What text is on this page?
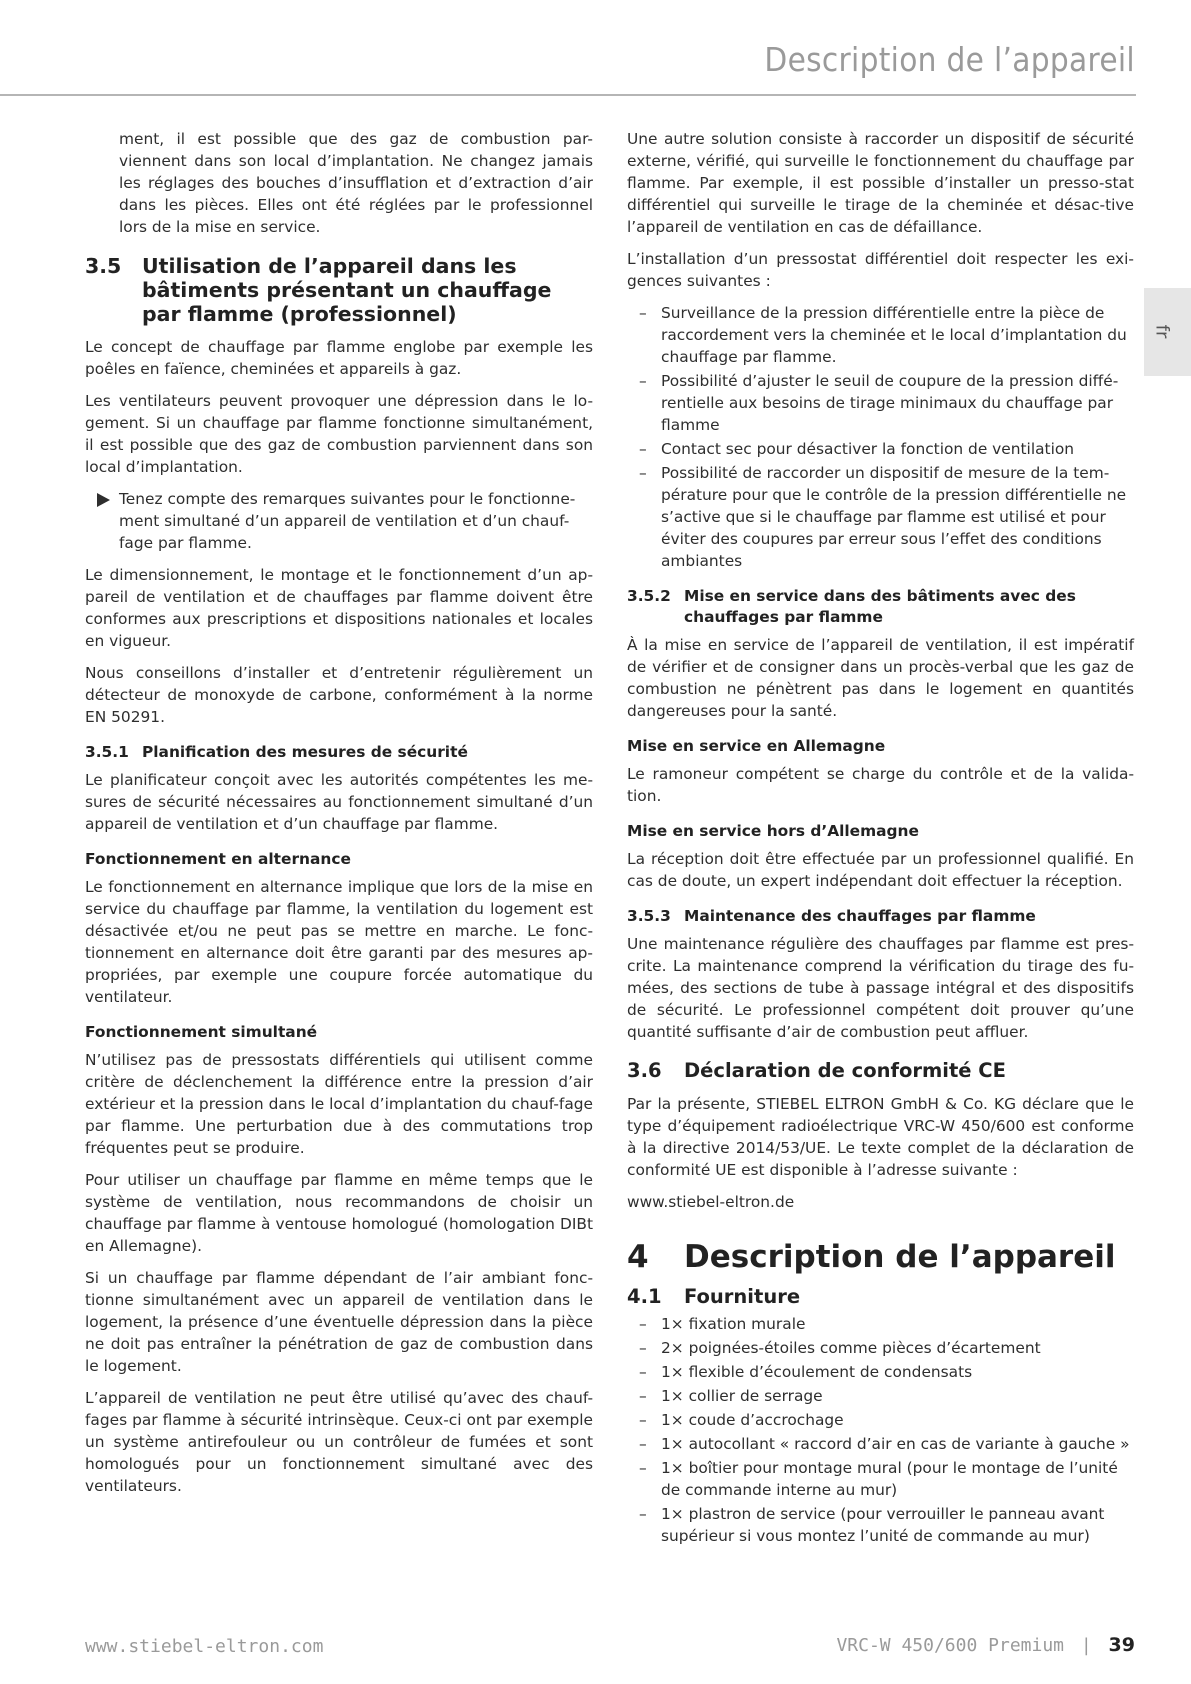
Description de l’appareil
fr

ment, il est possible que des gaz de combustion par-viennent dans son local d’implantation. Ne changez jamais les réglages des bouches d’insufflation et d’extraction d’air dans les pièces. Elles ont été réglées par le professionnel lors de la mise en service.

3.5 Utilisation de l’appareil dans les bâtiments présentant un chauffage par flamme (professionnel)

Le concept de chauffage par flamme englobe par exemple les poêles en faïence, cheminées et appareils à gaz.

Les ventilateurs peuvent provoquer une dépression dans le lo-gement. Si un chauffage par flamme fonctionne simultanément, il est possible que des gaz de combustion parviennent dans son local d’implantation.

Tenez compte des remarques suivantes pour le fonctionne-ment simultané d’un appareil de ventilation et d’un chauf-fage par flamme.

Le dimensionnement, le montage et le fonctionnement d’un ap-pareil de ventilation et de chauffages par flamme doivent être conformes aux prescriptions et dispositions nationales et locales en vigueur.

Nous conseillons d’installer et d’entretenir régulièrement un détecteur de monoxyde de carbone, conformément à la norme EN 50291.

3.5.1 Planification des mesures de sécurité

Le planificateur conçoit avec les autorités compétentes les me-sures de sécurité nécessaires au fonctionnement simultané d’un appareil de ventilation et d’un chauffage par flamme.

Fonctionnement en alternance

Le fonctionnement en alternance implique que lors de la mise en service du chauffage par flamme, la ventilation du logement est désactivée et/ou ne peut pas se mettre en marche. Le fonc-tionnement en alternance doit être garanti par des mesures ap-propriées, par exemple une coupure forcée automatique du ventilateur.

Fonctionnement simultané

N’utilisez pas de pressostats différentiels qui utilisent comme critère de déclenchement la différence entre la pression d’air extérieur et la pression dans le local d’implantation du chauf-fage par flamme. Une perturbation due à des commutations trop fréquentes peut se produire.

Pour utiliser un chauffage par flamme en même temps que le système de ventilation, nous recommandons de choisir un chauffage par flamme à ventouse homologué (homologation DIBt en Allemagne).

Si un chauffage par flamme dépendant de l’air ambiant fonc-tionne simultanément avec un appareil de ventilation dans le logement, la présence d’une éventuelle dépression dans la pièce ne doit pas entraîner la pénétration de gaz de combustion dans le logement.

L’appareil de ventilation ne peut être utilisé qu’avec des chauf-fages par flamme à sécurité intrinsèque. Ceux-ci ont par exemple un système antirefouleur ou un contrôleur de fumées et sont homologués pour un fonctionnement simultané avec des ventilateurs.

Une autre solution consiste à raccorder un dispositif de sécurité externe, vérifié, qui surveille le fonctionnement du chauffage par flamme. Par exemple, il est possible d’installer un presso-stat différentiel qui surveille le tirage de la cheminée et désac-tive l’appareil de ventilation en cas de défaillance.

L’installation d’un pressostat différentiel doit respecter les exi-gences suivantes :

– Surveillance de la pression différentielle entre la pièce de raccordement vers la cheminée et le local d’implantation du chauffage par flamme.
– Possibilité d’ajuster le seuil de coupure de la pression diffé-rentielle aux besoins de tirage minimaux du chauffage par flamme
– Contact sec pour désactiver la fonction de ventilation
– Possibilité de raccorder un dispositif de mesure de la tem-pérature pour que le contrôle de la pression différentielle ne s’active que si le chauffage par flamme est utilisé et pour éviter des coupures par erreur sous l’effet des conditions ambiantes
3.5.2 Mise en service dans des bâtiments avec des chauffages par flamme

À la mise en service de l’appareil de ventilation, il est impératif de vérifier et de consigner dans un procès-verbal que les gaz de combustion ne pénètrent pas dans le logement en quantités dangereuses pour la santé.

Mise en service en Allemagne

Le ramoneur compétent se charge du contrôle et de la valida-tion.

Mise en service hors d’Allemagne

La réception doit être effectuée par un professionnel qualifié. En cas de doute, un expert indépendant doit effectuer la réception.

3.5.3 Maintenance des chauffages par flamme

Une maintenance régulière des chauffages par flamme est pres-crite. La maintenance comprend la vérification du tirage des fu-mées, des sections de tube à passage intégral et des dispositifs de sécurité. Le professionnel compétent doit prouver qu’une quantité suffisante d’air de combustion peut affluer.

3.6 Déclaration de conformité CE

Par la présente, STIEBEL ELTRON GmbH & Co. KG déclare que le type d’équipement radioélectrique VRC-W 450/600 est conforme à la directive 2014/53/UE. Le texte complet de la déclaration de conformité UE est disponible à l’adresse suivante :

www.stiebel-eltron.de

4 Description de l’appareil
4.1 Fourniture
– 1× fixation murale
– 2× poignées-étoiles comme pièces d’écartement
– 1× flexible d’écoulement de condensats
– 1× collier de serrage
– 1× coude d’accrochage
– 1× autocollant « raccord d’air en cas de variante à gauche »
– 1× boîtier pour montage mural (pour le montage de l’unité de commande interne au mur)
– 1× plastron de service (pour verrouiller le panneau avant supérieur si vous montez l’unité de commande au mur)
www.stiebel-eltron.com	VRC-W 450/600 Premium | 39
